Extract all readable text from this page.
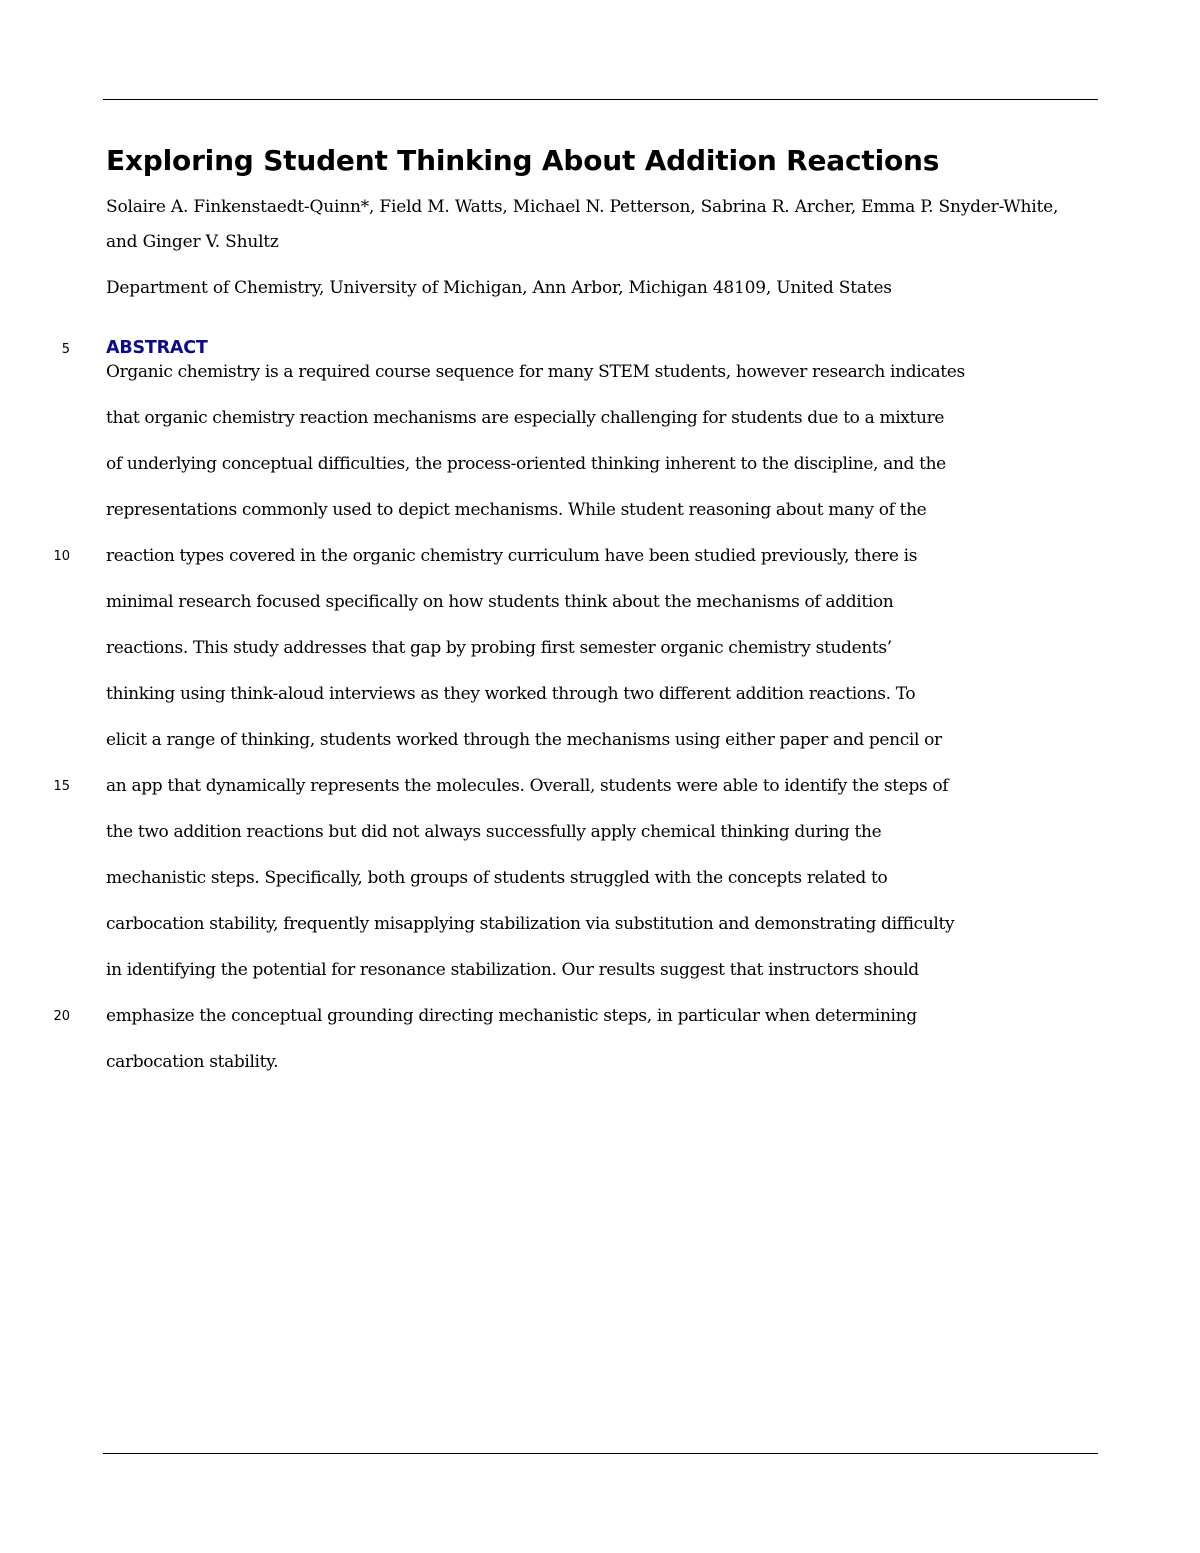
Exploring Student Thinking About Addition Reactions
Solaire A. Finkenstaedt-Quinn*, Field M. Watts, Michael N. Petterson, Sabrina R. Archer, Emma P. Snyder-White, and Ginger V. Shultz
Department of Chemistry, University of Michigan, Ann Arbor, Michigan 48109, United States
5 ABSTRACT
Organic chemistry is a required course sequence for many STEM students, however research indicates
that organic chemistry reaction mechanisms are especially challenging for students due to a mixture
of underlying conceptual difficulties, the process-oriented thinking inherent to the discipline, and the
representations commonly used to depict mechanisms. While student reasoning about many of the
10 reaction types covered in the organic chemistry curriculum have been studied previously, there is
minimal research focused specifically on how students think about the mechanisms of addition
reactions. This study addresses that gap by probing first semester organic chemistry students’
thinking using think-aloud interviews as they worked through two different addition reactions. To
elicit a range of thinking, students worked through the mechanisms using either paper and pencil or
15 an app that dynamically represents the molecules. Overall, students were able to identify the steps of
the two addition reactions but did not always successfully apply chemical thinking during the
mechanistic steps. Specifically, both groups of students struggled with the concepts related to
carbocation stability, frequently misapplying stabilization via substitution and demonstrating difficulty
in identifying the potential for resonance stabilization. Our results suggest that instructors should
20 emphasize the conceptual grounding directing mechanistic steps, in particular when determining
carbocation stability.
